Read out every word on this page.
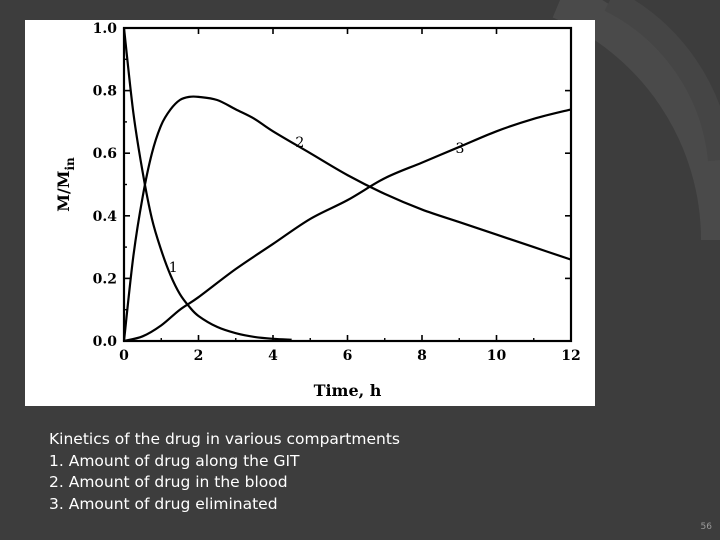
0	2	4	6	8	10	12
0.0
0.2
0.4
0.6
0.8
1.0
Time, h
$M/M_{in}$
1
2	3
Kinetics of the drug in various compartments
1. Amount of drug along the GIT
2. Amount of drug in the blood
3. Amount of drug eliminated
56
